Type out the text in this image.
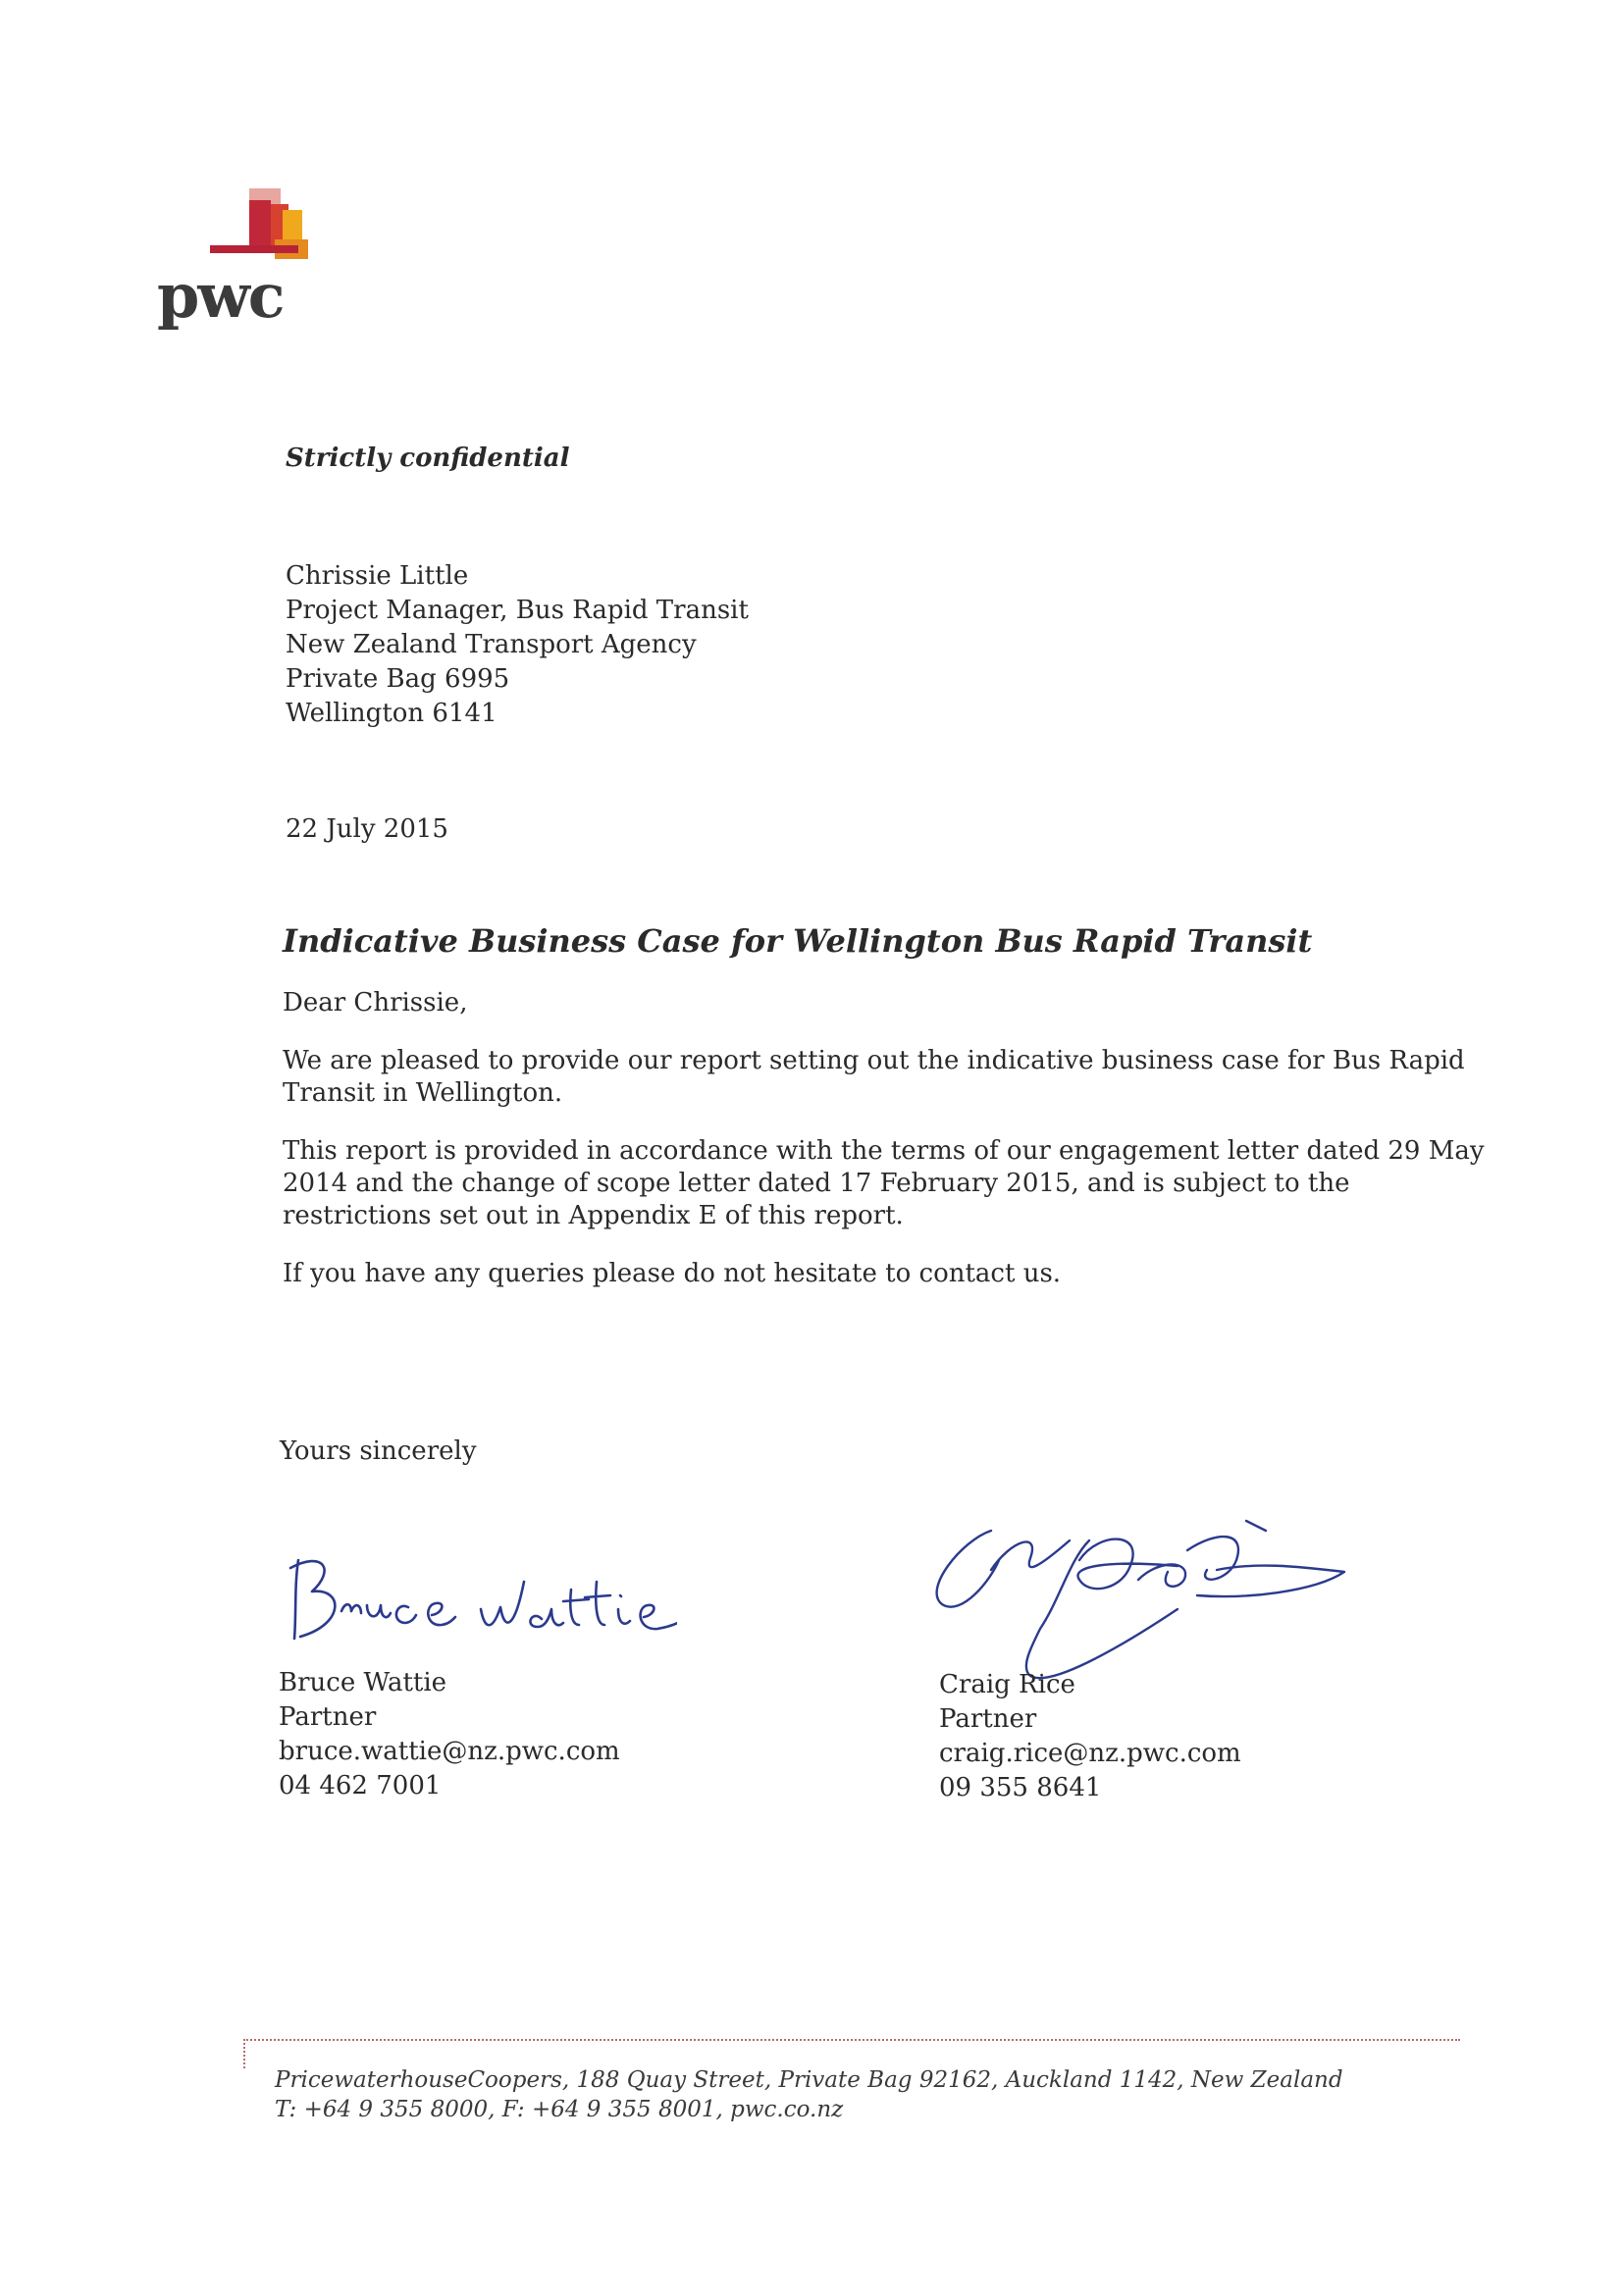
pwc
Strictly confidential
Chrissie Little
Project Manager, Bus Rapid Transit
New Zealand Transport Agency
Private Bag 6995
Wellington 6141
22 July 2015
Indicative Business Case for Wellington Bus Rapid Transit

Dear Chrissie,

We are pleased to provide our report setting out the indicative business case for Bus Rapid Transit in Wellington.

This report is provided in accordance with the terms of our engagement letter dated 29 May 2014 and the change of scope letter dated 17 February 2015, and is subject to the restrictions set out in Appendix E of this report.

If you have any queries please do not hesitate to contact us.

Yours sincerely
Bruce Wattie
Partner
bruce.wattie@nz.pwc.com
04 462 7001
Craig Rice
Partner
craig.rice@nz.pwc.com
09 355 8641
PricewaterhouseCoopers, 188 Quay Street, Private Bag 92162, Auckland 1142, New Zealand
T: +64 9 355 8000, F: +64 9 355 8001, pwc.co.nz
